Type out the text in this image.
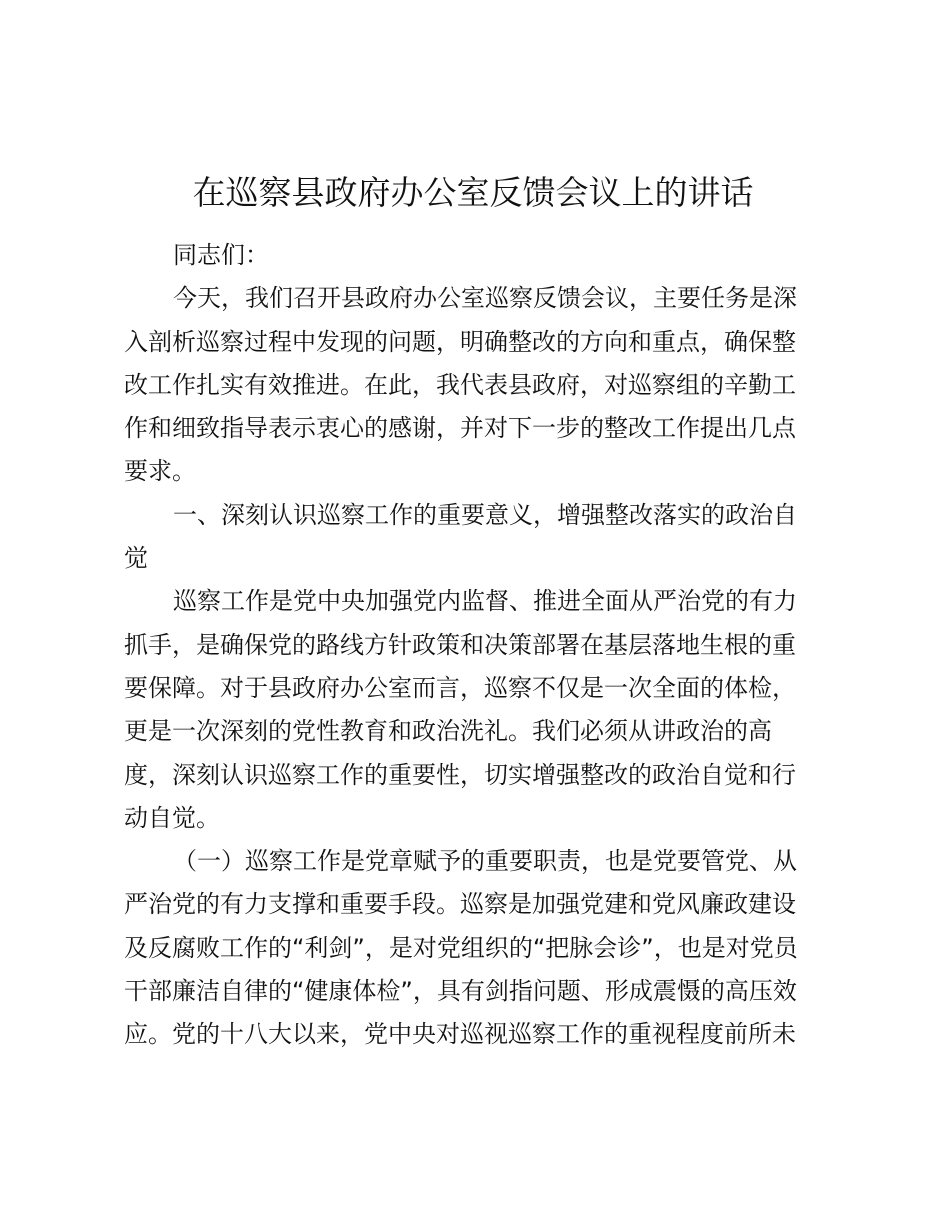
在巡察县政府办公室反馈会议上的讲话
同志们：
今天，我们召开县政府办公室巡察反馈会议，主要任务是深
入剖析巡察过程中发现的问题，明确整改的方向和重点，确保整
改工作扎实有效推进。在此，我代表县政府，对巡察组的辛勤工
作和细致指导表示衷心的感谢，并对下一步的整改工作提出几点
要求。
一、深刻认识巡察工作的重要意义，增强整改落实的政治自
觉
巡察工作是党中央加强党内监督、推进全面从严治党的有力
抓手，是确保党的路线方针政策和决策部署在基层落地生根的重
要保障。对于县政府办公室而言，巡察不仅是一次全面的体检，
更是一次深刻的党性教育和政治洗礼。我们必须从讲政治的高
度，深刻认识巡察工作的重要性，切实增强整改的政治自觉和行
动自觉。
（一）巡察工作是党章赋予的重要职责，也是党要管党、从
严治党的有力支撑和重要手段。巡察是加强党建和党风廉政建设
及反腐败工作的“利剑”，是对党组织的“把脉会诊”，也是对党员
干部廉洁自律的“健康体检”，具有剑指问题、形成震慑的高压效
应。党的十八大以来，党中央对巡视巡察工作的重视程度前所未
